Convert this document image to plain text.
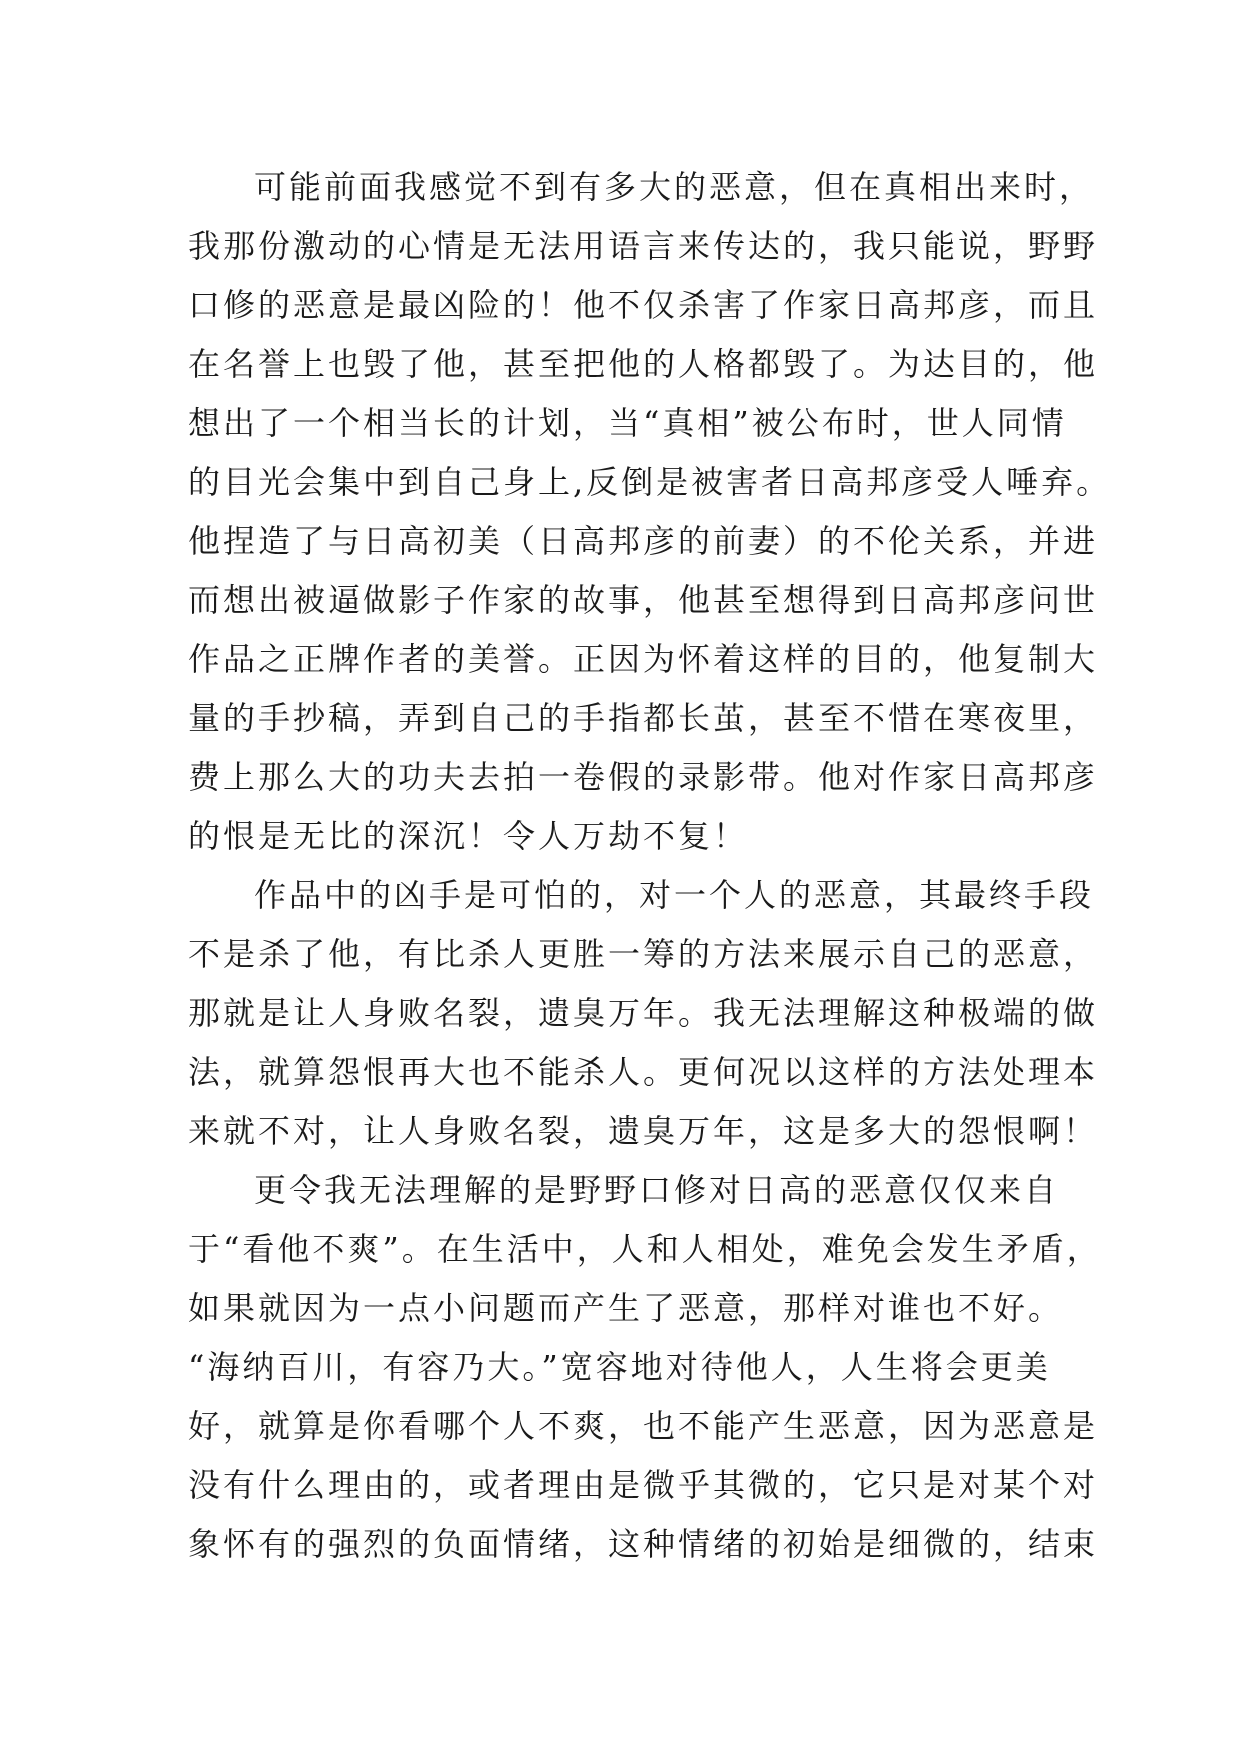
可能前面我感觉不到有多大的恶意，但在真相出来时，
我那份激动的心情是无法用语言来传达的，我只能说，野野
口修的恶意是最凶险的！他不仅杀害了作家日高邦彦，而且
在名誉上也毁了他，甚至把他的人格都毁了。为达目的，他
想出了一个相当长的计划，当“真相”被公布时，世人同情
的目光会集中到自己身上,反倒是被害者日高邦彦受人唾弃。
他捏造了与日高初美（日高邦彦的前妻）的不伦关系，并进
而想出被逼做影子作家的故事，他甚至想得到日高邦彦问世
作品之正牌作者的美誉。正因为怀着这样的目的，他复制大
量的手抄稿，弄到自己的手指都长茧，甚至不惜在寒夜里，
费上那么大的功夫去拍一卷假的录影带。他对作家日高邦彦
的恨是无比的深沉！令人万劫不复！
作品中的凶手是可怕的，对一个人的恶意，其最终手段
不是杀了他，有比杀人更胜一筹的方法来展示自己的恶意，
那就是让人身败名裂，遗臭万年。我无法理解这种极端的做
法，就算怨恨再大也不能杀人。更何况以这样的方法处理本
来就不对，让人身败名裂，遗臭万年，这是多大的怨恨啊！
更令我无法理解的是野野口修对日高的恶意仅仅来自
于“看他不爽”。在生活中，人和人相处，难免会发生矛盾，
如果就因为一点小问题而产生了恶意，那样对谁也不好。
“海纳百川，有容乃大。”宽容地对待他人，人生将会更美
好，就算是你看哪个人不爽，也不能产生恶意，因为恶意是
没有什么理由的，或者理由是微乎其微的，它只是对某个对
象怀有的强烈的负面情绪，这种情绪的初始是细微的，结束
